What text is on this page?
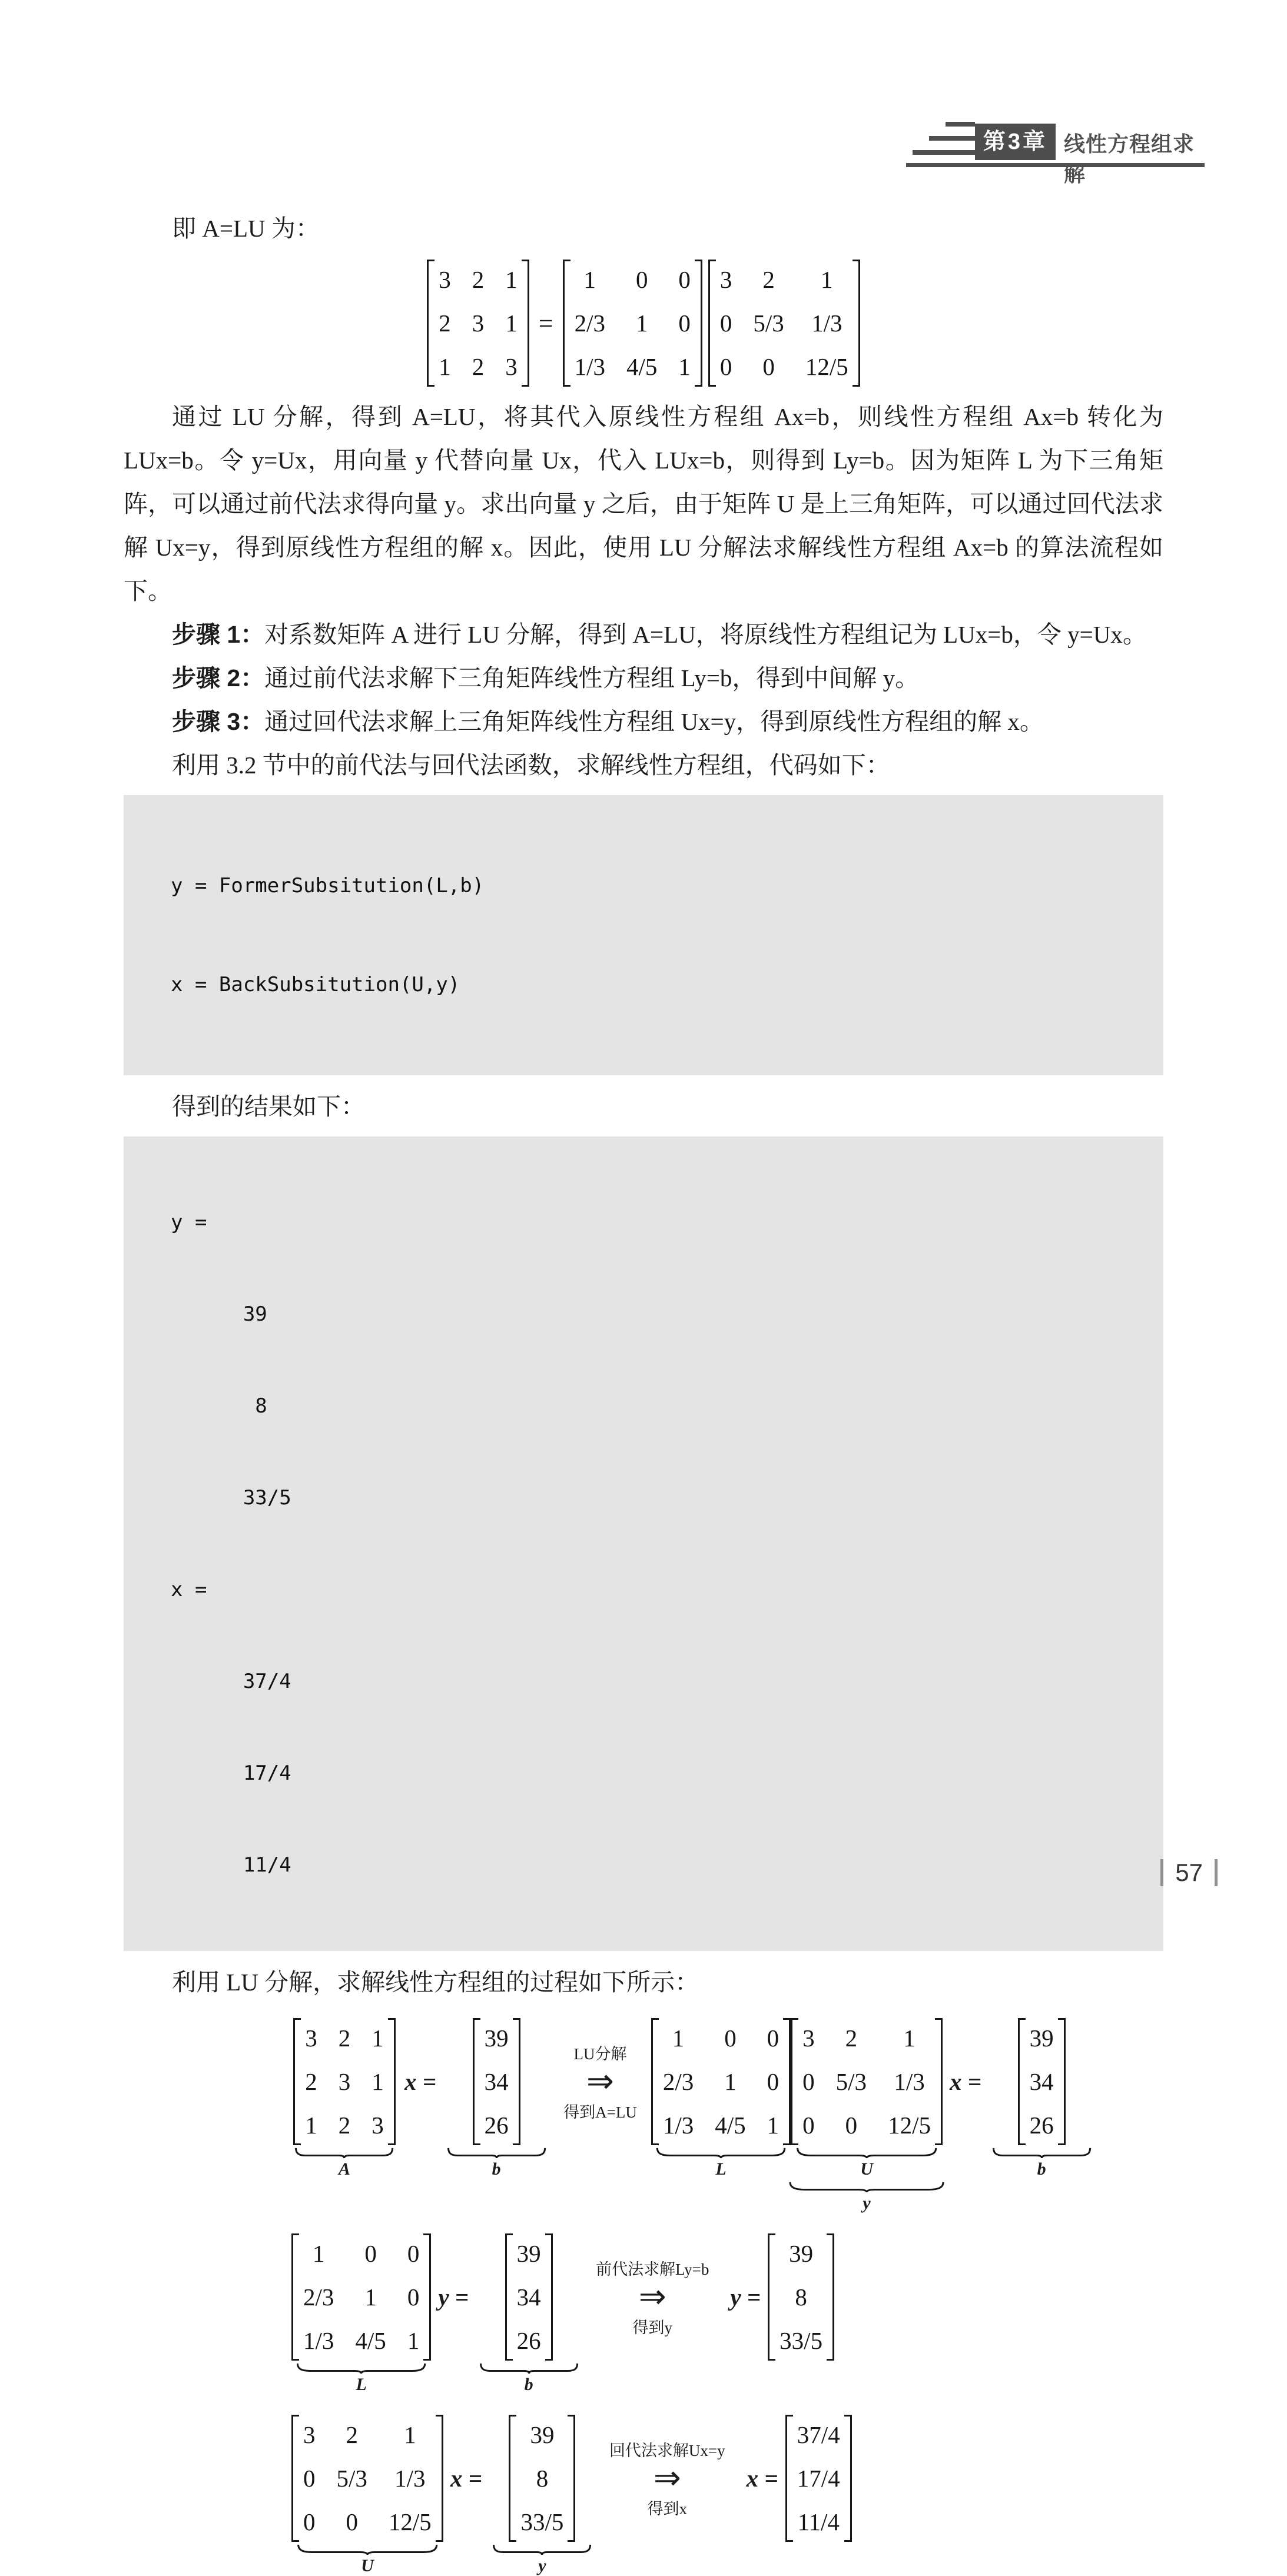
第3章 线性方程组求解

即 A=LU 为：

3 2 1
2 3 1
1 2 3
=
1 0 0
2/3 1 0
1/3 4/5 1
3 2 1
0 5/3 1/3
0 0 12/5

通过 LU 分解，得到 A=LU，将其代入原线性方程组 Ax=b，则线性方程组 Ax=b 转化为 LUx=b。令 y=Ux，用向量 y 代替向量 Ux，代入 LUx=b，则得到 Ly=b。因为矩阵 L 为下三角矩阵，可以通过前代法求得向量 y。求出向量 y 之后，由于矩阵 U 是上三角矩阵，可以通过回代法求解 Ux=y，得到原线性方程组的解 x。因此，使用 LU 分解法求解线性方程组 Ax=b 的算法流程如下。

步骤 1：对系数矩阵 A 进行 LU 分解，得到 A=LU，将原线性方程组记为 LUx=b，令 y=Ux。

步骤 2：通过前代法求解下三角矩阵线性方程组 Ly=b，得到中间解 y。

步骤 3：通过回代法求解上三角矩阵线性方程组 Ux=y，得到原线性方程组的解 x。

利用 3.2 节中的前代法与回代法函数，求解线性方程组，代码如下：

y = FormerSubsitution(L,b)

x = BackSubsitution(U,y)

得到的结果如下：

y =

39

8

33/5

x =

37/4

17/4

11/4

利用 LU 分解，求解线性方程组的过程如下所示：

3 2 1
2 3 1
1 2 3
A
x =
39
34
26
b
LU分解
⇒
得到A=LU
1 0 0
2/3 1 0
1/3 4/5 1
L
3 2 1
0 5/3 1/3
0 0 12/5
U
y
x =
39
34
26
b
1 0 0
2/3 1 0
1/3 4/5 1
L
y =
39
34
26
b
前代法求解Ly=b
⇒
得到y
y =
39
8
33/5
3 2 1
0 5/3 1/3
0 0 12/5
U
x =
39
8
33/5
y
回代法求解Ux=y
⇒
得到x
x =
37/4
17/4
11/4
57
